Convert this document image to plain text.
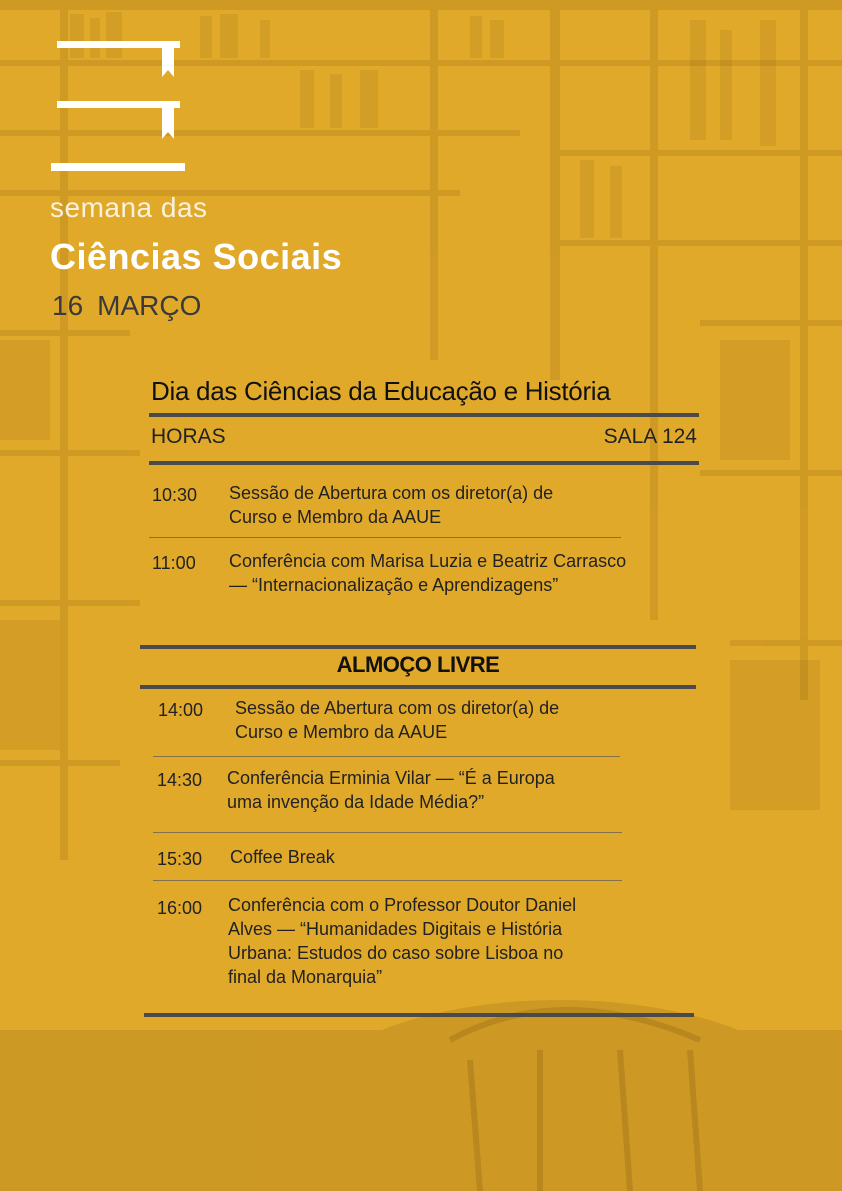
semana das
Ciências Sociais
16 MARÇO
Dia das Ciências da Educação e História
HORAS	SALA 124
10:30 Sessão de Abertura com os diretor(a) de
Curso e Membro da AAUE
11:00 Conferência com Marisa Luzia e Beatriz Carrasco
— “Internacionalização e Aprendizagens”
ALMOÇO LIVRE
14:00 Sessão de Abertura com os diretor(a) de
Curso e Membro da AAUE
14:30 Conferência Erminia Vilar — “É a Europa
uma invenção da Idade Média?”
15:30 Coffee Break
16:00 Conferência com o Professor Doutor Daniel
Alves — “Humanidades Digitais e História
Urbana: Estudos do caso sobre Lisboa no
final da Monarquia”
